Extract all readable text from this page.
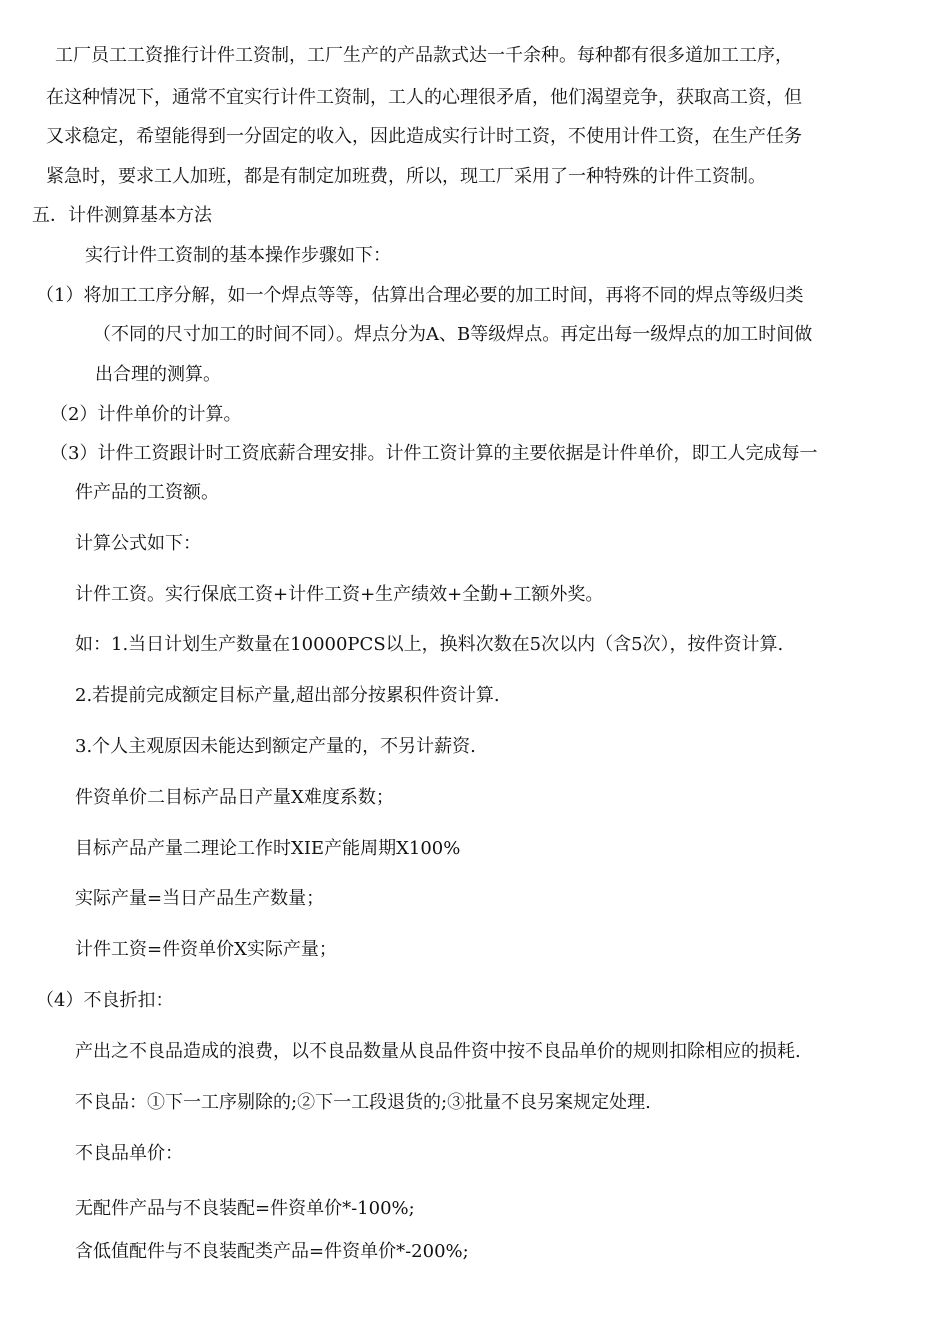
工厂员工工资推行计件工资制，工厂生产的产品款式达一千余种。每种都有很多道加工工序，

在这种情况下，通常不宜实行计件工资制，工人的心理很矛盾，他们渴望竞争，获取高工资，但

又求稳定，希望能得到一分固定的收入，因此造成实行计时工资，不使用计件工资，在生产任务

紧急时，要求工人加班，都是有制定加班费，所以，现工厂采用了一种特殊的计件工资制。

五．计件测算基本方法

实行计件工资制的基本操作步骤如下：

（1）将加工工序分解，如一个焊点等等，估算出合理必要的加工时间，再将不同的焊点等级归类

（不同的尺寸加工的时间不同）。焊点分为A、B等级焊点。再定出每一级焊点的加工时间做

出合理的测算。

（2）计件单价的计算。

（3）计件工资跟计时工资底薪合理安排。计件工资计算的主要依据是计件单价，即工人完成每一

件产品的工资额。

计算公式如下：

计件工资。实行保底工资+计件工资+生产绩效+全勤+工额外奖。

如：1.当日计划生产数量在10000PCS以上，换料次数在5次以内（含5次），按件资计算.

2.若提前完成额定目标产量,超出部分按累积件资计算.

3.个人主观原因未能达到额定产量的，不另计薪资.

件资单价二目标产品日产量X难度系数；

目标产品产量二理论工作时XIE产能周期X100%

实际产量=当日产品生产数量；

计件工资=件资单价X实际产量；

（4）不良折扣：

产出之不良品造成的浪费，以不良品数量从良品件资中按不良品单价的规则扣除相应的损耗.

不良品：①下一工序剔除的;②下一工段退货的;③批量不良另案规定处理.

不良品单价：

无配件产品与不良装配=件资单价*-100%;

含低值配件与不良装配类产品=件资单价*-200%;
